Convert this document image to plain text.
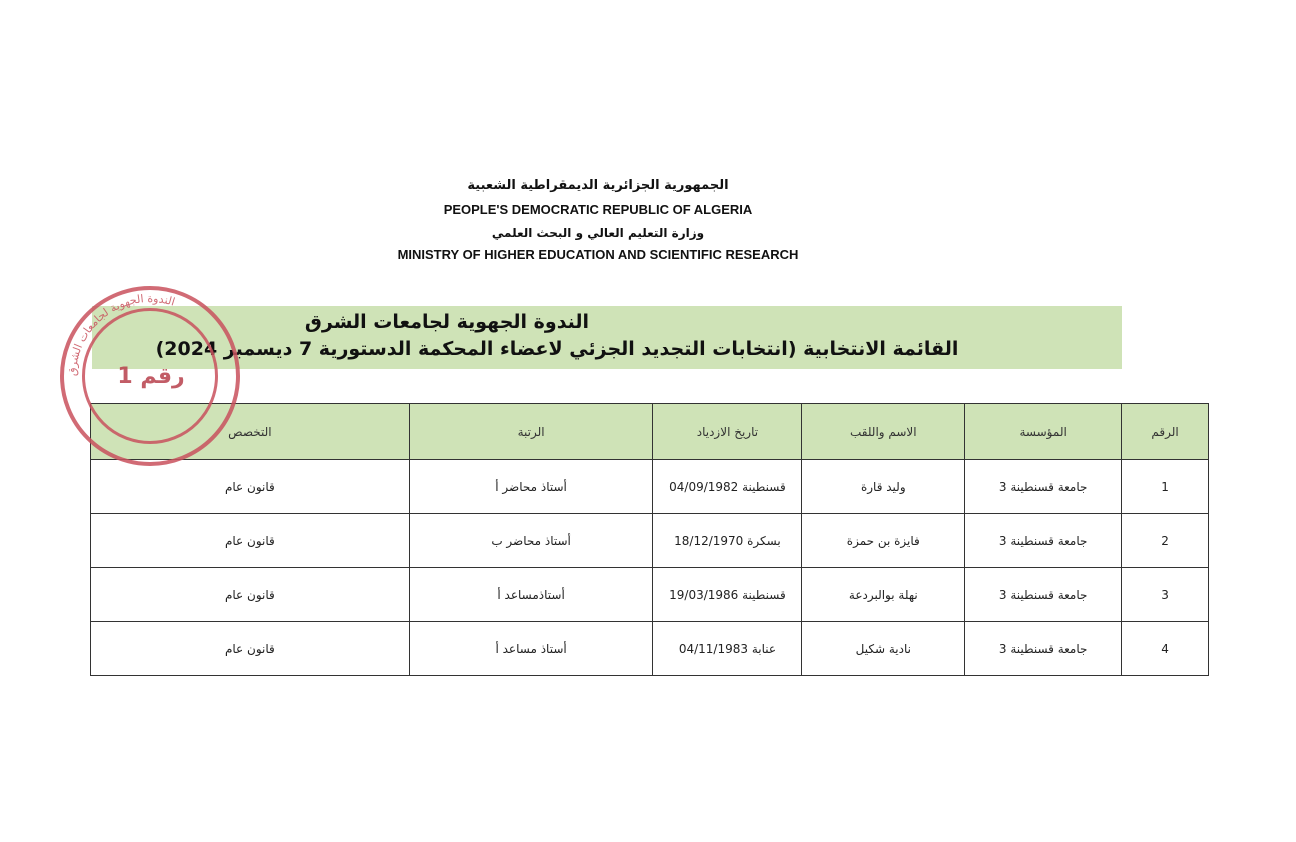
الجمهورية الجزائرية الديمقراطية الشعبية
PEOPLE'S DEMOCRATIC REPUBLIC OF ALGERIA
وزارة التعليم العالي و البحث العلمي
MINISTRY OF HIGHER EDUCATION AND SCIENTIFIC RESEARCH
الندوة الجهوية لجامعات الشرق
القائمة الانتخابية (انتخابات التجديد الجزئي لاعضاء المحكمة الدستورية 7 ديسمبر 2024)
الرقم	المؤسسة	الاسم واللقب	تاريخ الازدياد	الرتبة	التخصص
1	جامعة قسنطينة 3	وليد قارة	قسنطينة 04/09/1982	أستاذ محاضر أ	قانون عام
2	جامعة قسنطينة 3	فايزة بن حمزة	بسكرة 18/12/1970	أستاذ محاضر ب	قانون عام
3	جامعة قسنطينة 3	نهلة بوالبردعة	قسنطينة 19/03/1986	أستاذمساعد أ	قانون عام
4	جامعة قسنطينة 3	نادية شكيل	عنابة 04/11/1983	أستاذ مساعد أ	قانون عام
الندوة الجهوية لجامعات الشرق
رقم 1
